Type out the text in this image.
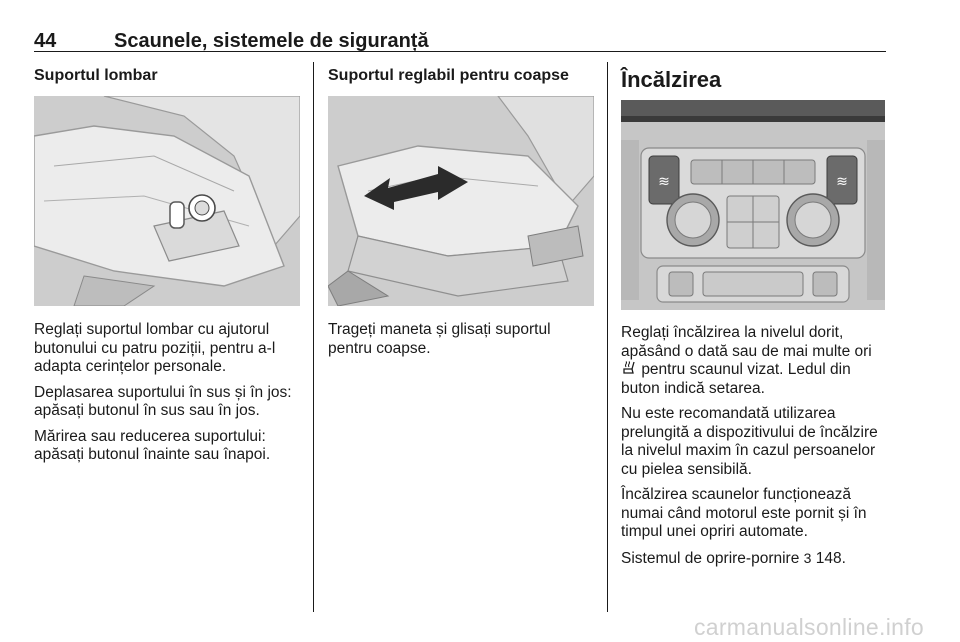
44	Scaunele, sistemele de siguranță
Suportul lombar

Reglați suportul lombar cu ajutorul butonului cu patru poziții, pentru a-l adapta cerințelor personale.

Deplasarea suportului în sus și în jos: apăsați butonul în sus sau în jos.

Mărirea sau reducerea suportului: apăsați butonul înainte sau înapoi.

Suportul reglabil pentru coapse

Trageți maneta și glisați suportul pentru coapse.

Încălzirea
≋	≋

Reglați încălzirea la nivelul dorit, apăsând o dată sau de mai multe ori  pentru scaunul vizat. Ledul din buton indică setarea.

Nu este recomandată utilizarea prelungită a dispozitivului de încălzire la nivelul maxim în cazul persoanelor cu pielea sensibilă.

Încălzirea scaunelor funcționează numai când motorul este pornit și în timpul unei opriri automate.

Sistemul de oprire-pornire 3 148.

carmanualsonline.info
